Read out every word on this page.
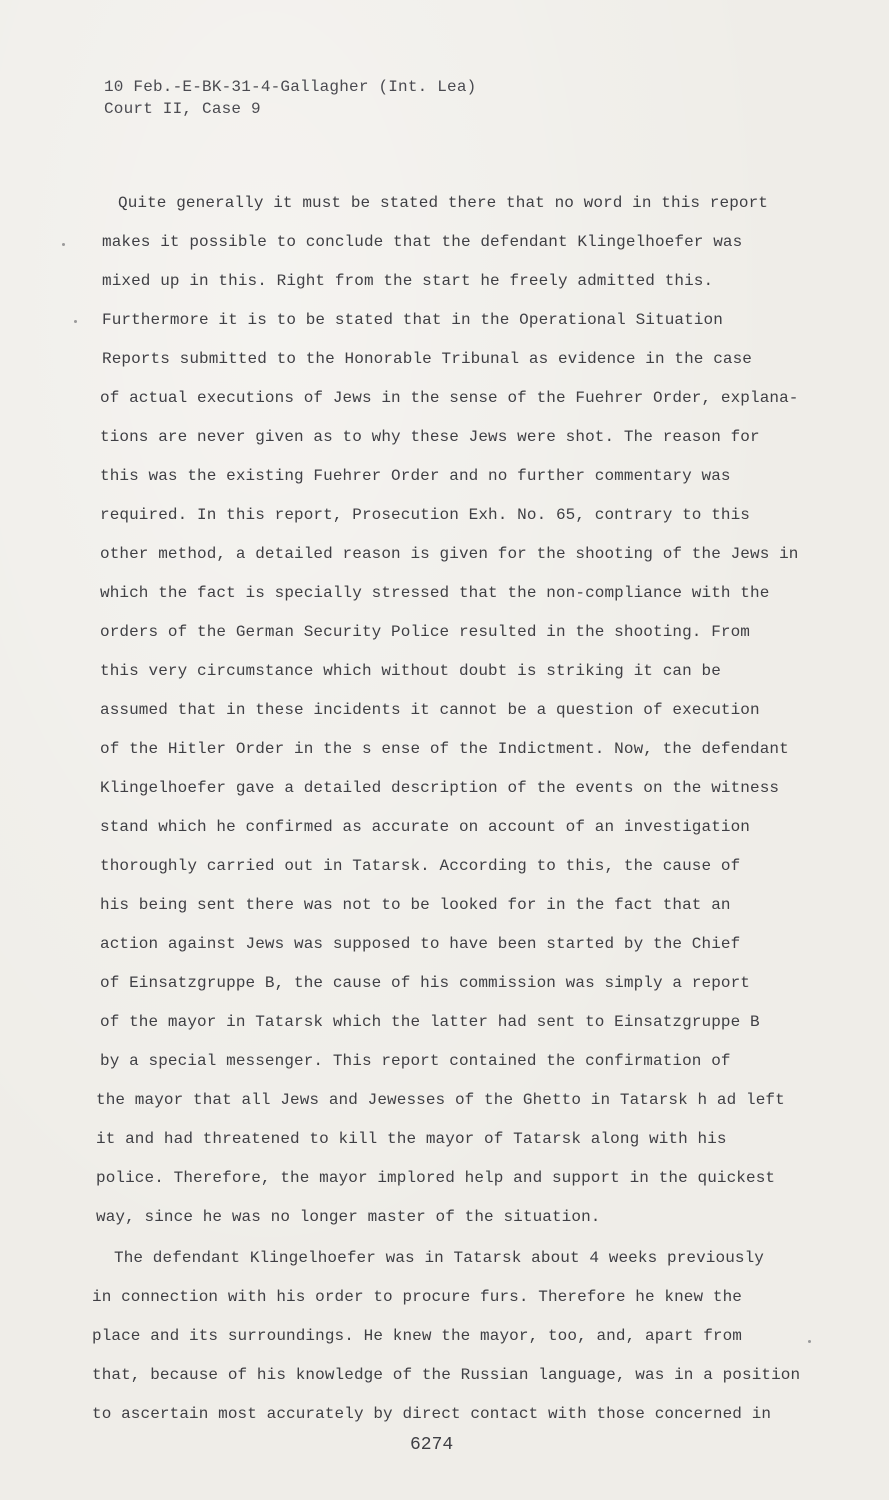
10 Feb.-E-BK-31-4-Gallagher (Int. Lea)
Court II, Case 9
Quite generally it must be stated there that no word in this report
makes it possible to conclude that the defendant Klingelhoefer was
mixed up in this. Right from the start he freely admitted this.
Furthermore it is to be stated that in the Operational Situation
Reports submitted to the Honorable Tribunal as evidence in the case
of actual executions of Jews in the sense of the Fuehrer Order, explana-
tions are never given as to why these Jews were shot. The reason for
this was the existing Fuehrer Order and no further commentary was
required. In this report, Prosecution Exh. No. 65, contrary to this
other method, a detailed reason is given for the shooting of the Jews in
which the fact is specially stressed that the non-compliance with the
orders of the German Security Police resulted in the shooting. From
this very circumstance which without doubt is striking it can be
assumed that in these incidents it cannot be a question of execution
of the Hitler Order in the s ense of the Indictment. Now, the defendant
Klingelhoefer gave a detailed description of the events on the witness
stand which he confirmed as accurate on account of an investigation
thoroughly carried out in Tatarsk. According to this, the cause of
his being sent there was not to be looked for in the fact that an
action against Jews was supposed to have been started by the Chief
of Einsatzgruppe B, the cause of his commission was simply a report
of the mayor in Tatarsk which the latter had sent to Einsatzgruppe B
by a special messenger. This report contained the confirmation of
the mayor that all Jews and Jewesses of the Ghetto in Tatarsk h ad left
it and had threatened to kill the mayor of Tatarsk along with his
police. Therefore, the mayor implored help and support in the quickest
way, since he was no longer master of the situation.
The defendant Klingelhoefer was in Tatarsk about 4 weeks previously
in connection with his order to procure furs. Therefore he knew the
place and its surroundings. He knew the mayor, too, and, apart from
that, because of his knowledge of the Russian language, was in a position
to ascertain most accurately by direct contact with those concerned in
6274
